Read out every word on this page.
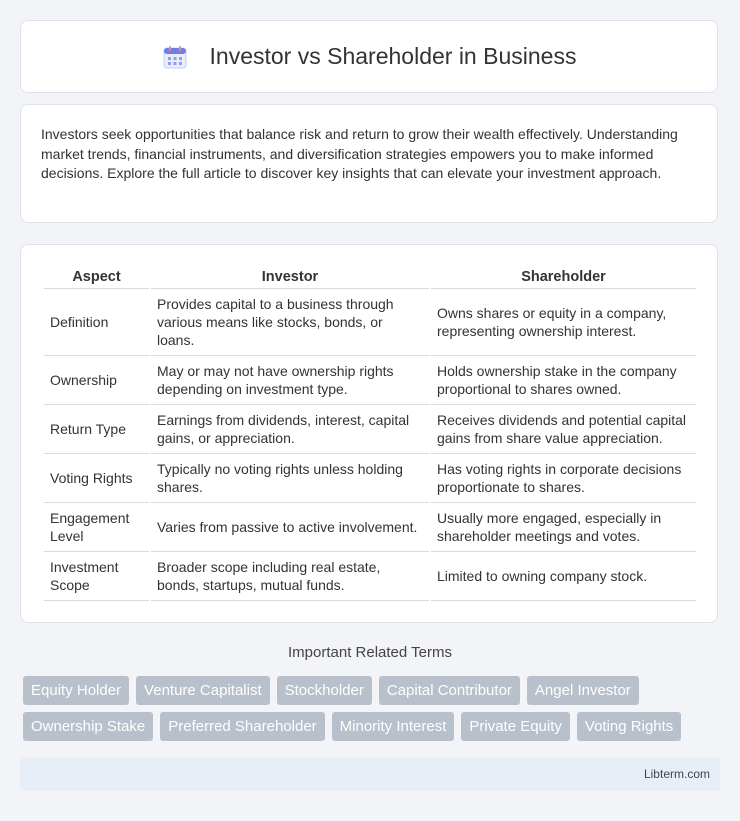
Investor vs Shareholder in Business
Investors seek opportunities that balance risk and return to grow their wealth effectively. Understanding market trends, financial instruments, and diversification strategies empowers you to make informed decisions. Explore the full article to discover key insights that can elevate your investment approach.
Aspect	Investor	Shareholder
Definition	Provides capital to a business through various means like stocks, bonds, or loans.	Owns shares or equity in a company, representing ownership interest.
Ownership	May or may not have ownership rights depending on investment type.	Holds ownership stake in the company proportional to shares owned.
Return Type	Earnings from dividends, interest, capital gains, or appreciation.	Receives dividends and potential capital gains from share value appreciation.
Voting Rights	Typically no voting rights unless holding shares.	Has voting rights in corporate decisions proportionate to shares.
Engagement Level	Varies from passive to active involvement.	Usually more engaged, especially in shareholder meetings and votes.
Investment Scope	Broader scope including real estate, bonds, startups, mutual funds.	Limited to owning company stock.
Important Related Terms
Equity Holder	Venture Capitalist	Stockholder	Capital Contributor	Angel Investor
Ownership Stake	Preferred Shareholder	Minority Interest	Private Equity	Voting Rights
Libterm.com
